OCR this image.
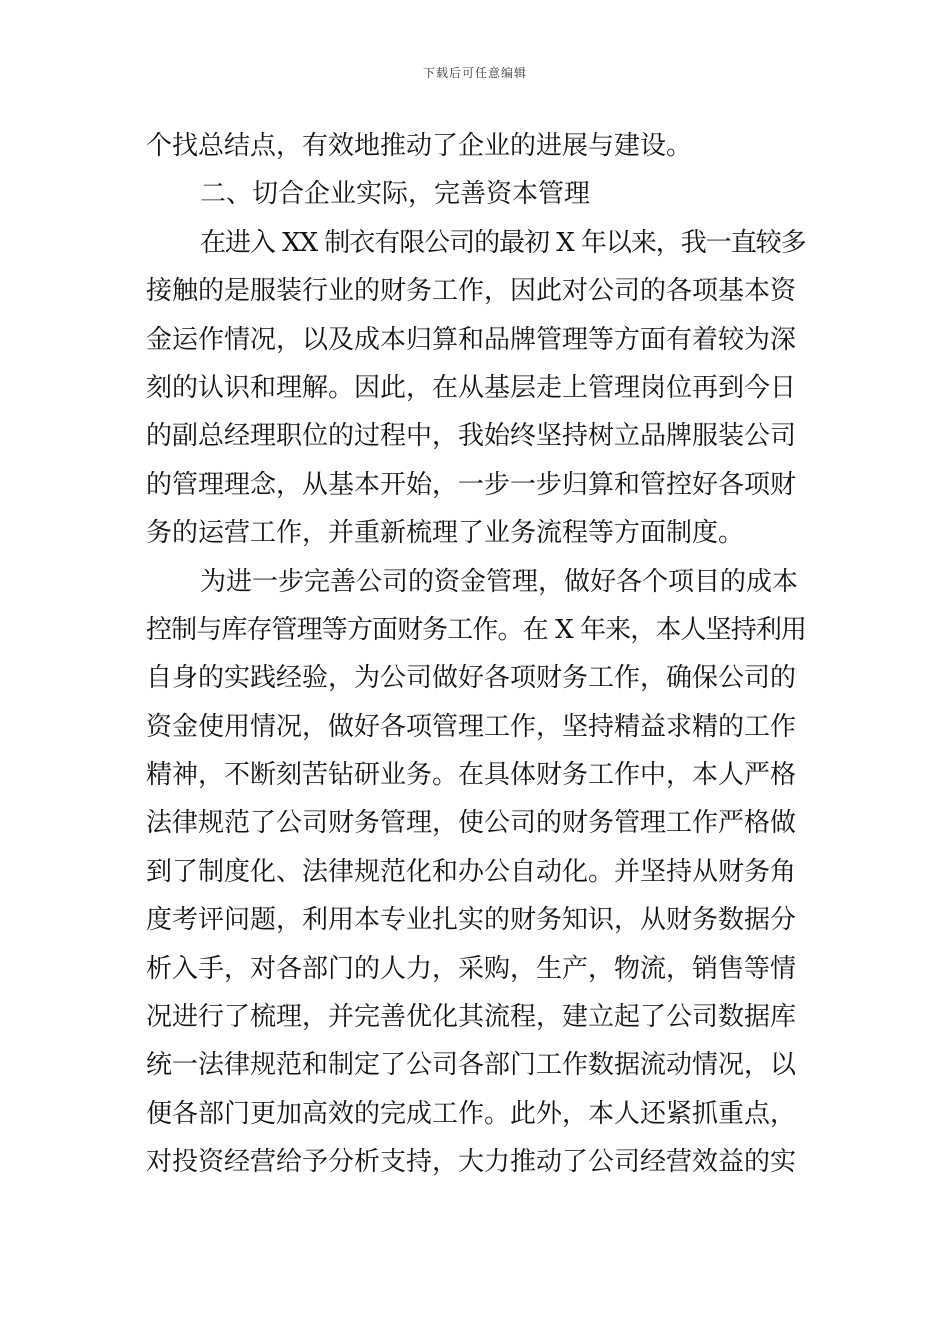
下载后可任意编辑
个找总结点，有效地推动了企业的进展与建设。
二、切合企业实际，完善资本管理
在进入 XX 制衣有限公司的最初 X 年以来，我一直较多
接触的是服装行业的财务工作，因此对公司的各项基本资
金运作情况，以及成本归算和品牌管理等方面有着较为深
刻的认识和理解。因此，在从基层走上管理岗位再到今日
的副总经理职位的过程中，我始终坚持树立品牌服装公司
的管理理念，从基本开始，一步一步归算和管控好各项财
务的运营工作，并重新梳理了业务流程等方面制度。
为进一步完善公司的资金管理，做好各个项目的成本
控制与库存管理等方面财务工作。在 X 年来，本人坚持利用
自身的实践经验，为公司做好各项财务工作，确保公司的
资金使用情况，做好各项管理工作，坚持精益求精的工作
精神，不断刻苦钻研业务。在具体财务工作中，本人严格
法律规范了公司财务管理，使公司的财务管理工作严格做
到了制度化、法律规范化和办公自动化。并坚持从财务角
度考评问题，利用本专业扎实的财务知识，从财务数据分
析入手，对各部门的人力，采购，生产，物流，销售等情
况进行了梳理，并完善优化其流程，建立起了公司数据库
统一法律规范和制定了公司各部门工作数据流动情况，以
便各部门更加高效的完成工作。此外，本人还紧抓重点，
对投资经营给予分析支持，大力推动了公司经营效益的实
